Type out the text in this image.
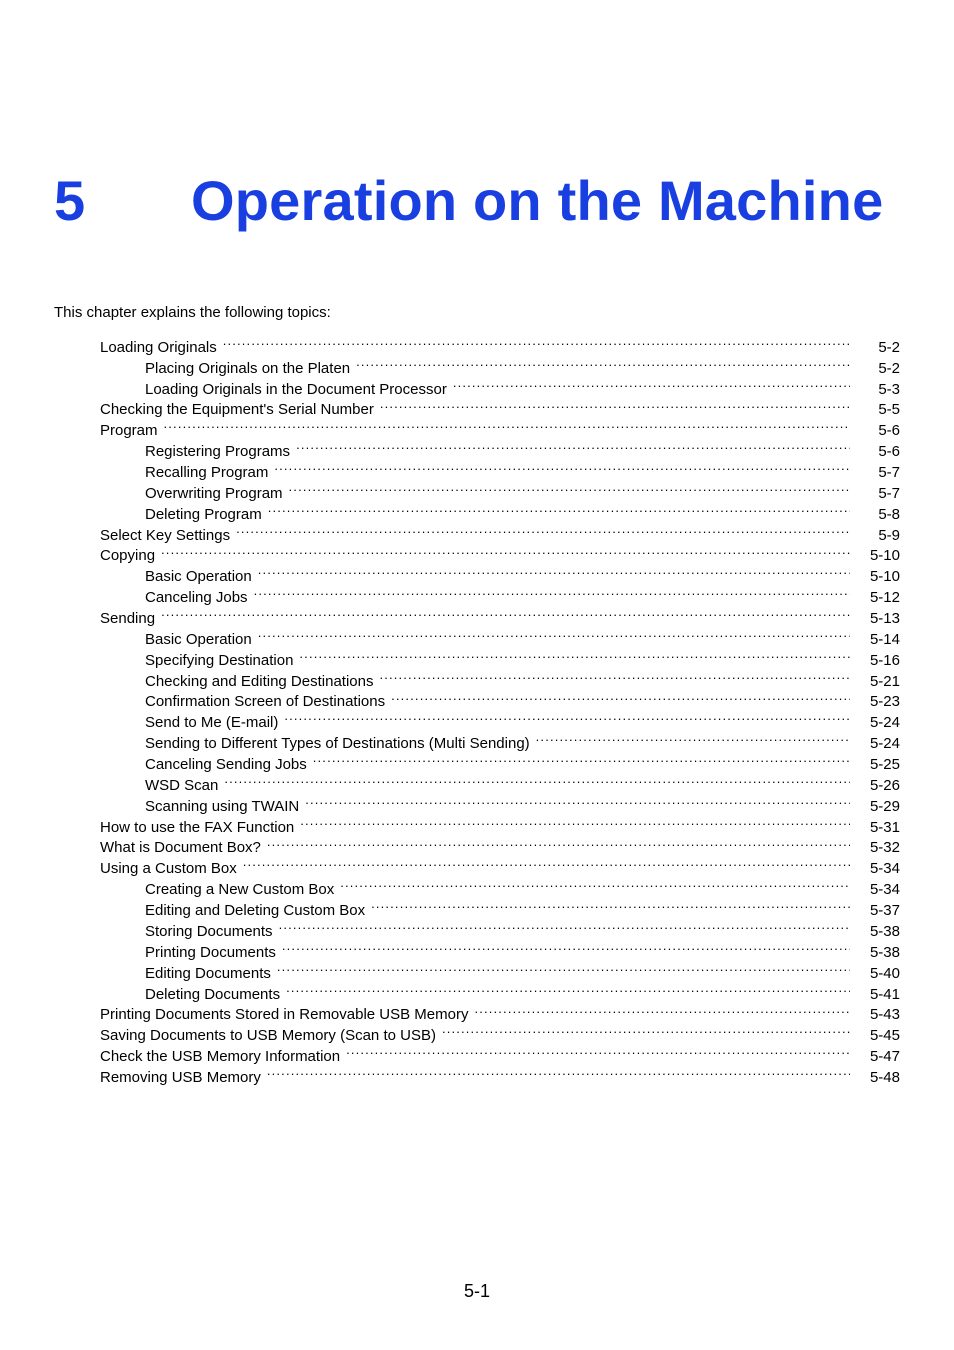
5 Operation on the Machine
This chapter explains the following topics:
Loading Originals .....	5-2
Placing Originals on the Platen .....	5-2
Loading Originals in the Document Processor .....	5-3
Checking the Equipment's Serial Number .....	5-5
Program .....	5-6
Registering Programs .....	5-6
Recalling Program .....	5-7
Overwriting Program .....	5-7
Deleting Program .....	5-8
Select Key Settings .....	5-9
Copying .....	5-10
Basic Operation .....	5-10
Canceling Jobs .....	5-12
Sending .....	5-13
Basic Operation .....	5-14
Specifying Destination .....	5-16
Checking and Editing Destinations .....	5-21
Confirmation Screen of Destinations .....	5-23
Send to Me (E-mail) .....	5-24
Sending to Different Types of Destinations (Multi Sending) .....	5-24
Canceling Sending Jobs .....	5-25
WSD Scan .....	5-26
Scanning using TWAIN .....	5-29
How to use the FAX Function .....	5-31
What is Document Box? .....	5-32
Using a Custom Box .....	5-34
Creating a New Custom Box .....	5-34
Editing and Deleting Custom Box .....	5-37
Storing Documents .....	5-38
Printing Documents .....	5-38
Editing Documents .....	5-40
Deleting Documents .....	5-41
Printing Documents Stored in Removable USB Memory .....	5-43
Saving Documents to USB Memory (Scan to USB) .....	5-45
Check the USB Memory Information .....	5-47
Removing USB Memory .....	5-48
5-1
